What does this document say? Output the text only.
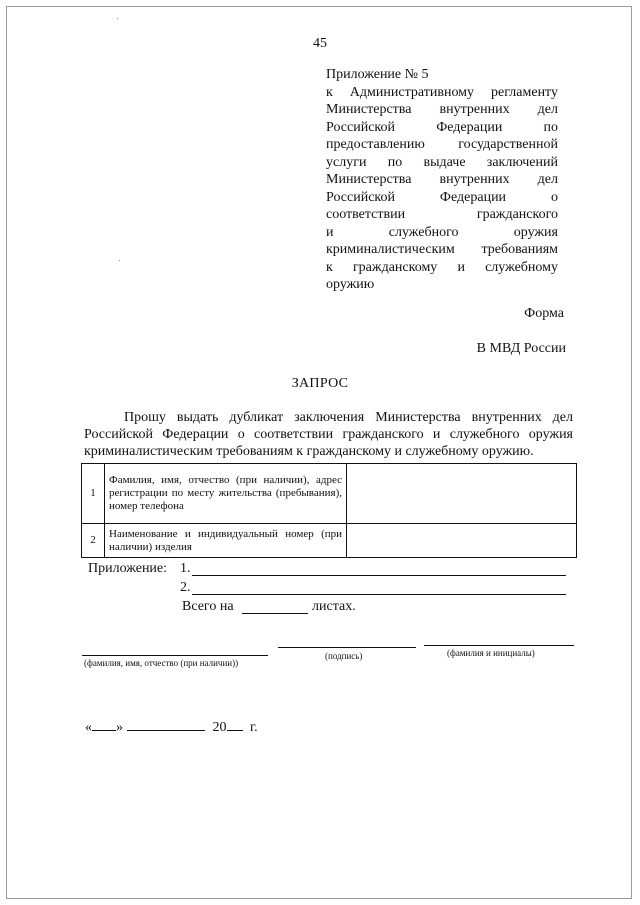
45
Приложение № 5
к Административному регламенту
Министерства внутренних дел
Российской Федерации по
предоставлению государственной
услуги по выдаче заключений
Министерства внутренних дел
Российской Федерации о
соответствии гражданского
и служебного оружия
криминалистическим требованиям
к гражданскому и служебному
оружию
Форма
В МВД России
ЗАПРОС
Прошу выдать дубликат заключения Министерства внутренних дел
Российской Федерации о соответствии гражданского и служебного оружия
криминалистическим требованиям к гражданскому и служебному оружию.
1	Фамилия, имя, отчество (при наличии), адрес регистрации по месту жительства (пребывания), номер телефона	
2	Наименование и индивидуальный номер (при наличии) изделия	
Приложение: 1.
2.
Всего на	листах.
(фамилия, имя, отчество (при наличии))
(подпись)	(фамилия и инициалы)
« »	20 г.
